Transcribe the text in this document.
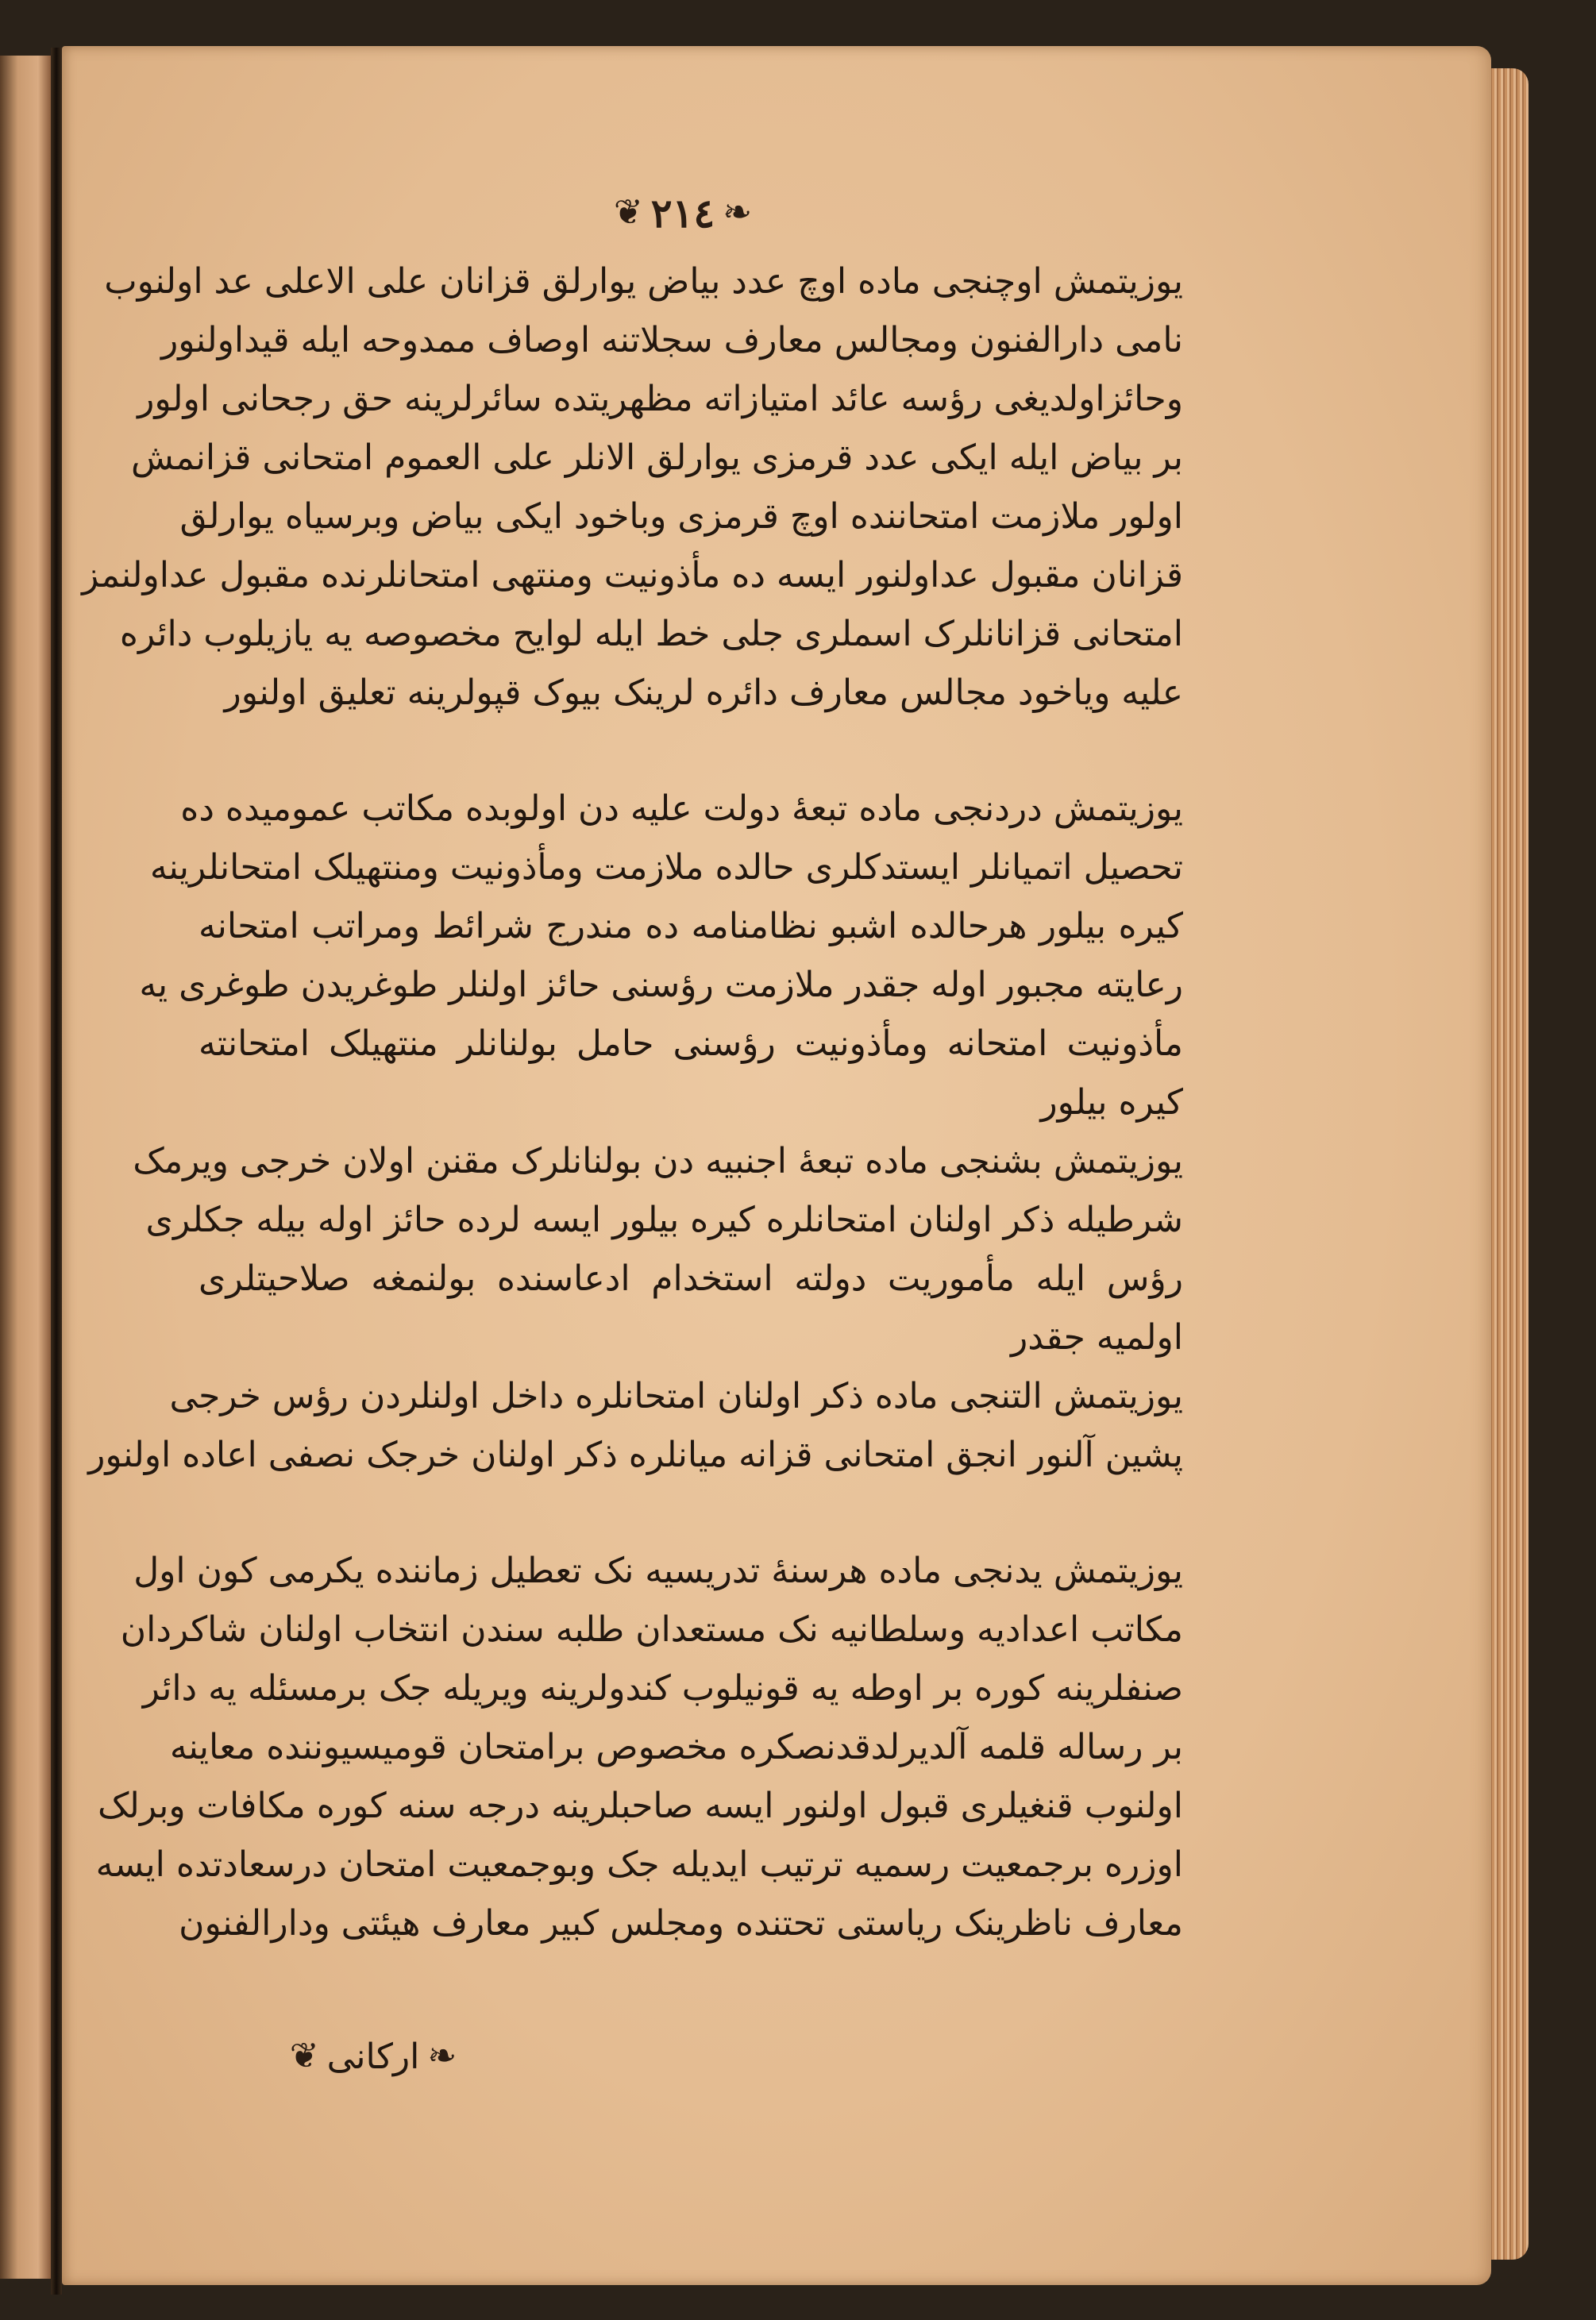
❦ ٢١٤ ❧
یوزیتمش اوچنجی ماده اوچ عدد بیاض یوارلق قزانان علی الاعلی عد اولنوب
نامی دارالفنون ومجالس معارف سجلاتنه اوصاف ممدوحه ایله قیداولنور
وحائزاولدیغی رؤسه عائد امتیازاته مظهریتده سائرلرینه حق رجحانی اولور
بر بیاض ایله ایکی عدد قرمزی یوارلق الانلر علی العموم امتحانی قزانمش
اولور ملازمت امتحاننده اوچ قرمزی وباخود ایکی بیاض وبرسیاه یوارلق
قزانان مقبول عداولنور ایسه ده مأذونیت ومنتهی امتحانلرنده مقبول عداولنمز
امتحانی قزانانلرک اسملری جلی خط ایله لوایح مخصوصه یه یازیلوب دائره
علیه وياخود مجالس معارف دائره لرینک بیوک قپولرینه تعلیق اولنور
یوزیتمش دردنجی ماده تبعهٔ دولت علیه دن اولوبده مکاتب عمومیده ده
تحصیل اتمیانلر ایستدکلری حالده ملازمت ومأذونیت ومنتهیلک امتحانلرینه
کیره بیلور هرحالده اشبو نظامنامه ده مندرج شرائط ومراتب امتحانه
رعایته مجبور اوله جقدر ملازمت رؤسنی حائز اولنلر طوغریدن طوغری یه
مأذونیت امتحانه ومأذونیت رؤسنی حامل بولنانلر منتهیلک امتحانته
کیره بیلور
یوزیتمش بشنجی ماده تبعهٔ اجنبیه دن بولنانلرک مقنن اولان خرجی ویرمک
شرطیله ذکر اولنان امتحانلره کیره بیلور ایسه لرده حائز اوله بیله جکلری
رؤس ایله مأموریت دولته استخدام ادعاسنده بولنمغه صلاحیتلری
اولمیه جقدر
یوزیتمش التنجی ماده ذکر اولنان امتحانلره داخل اولنلردن رؤس خرجی
پشین آلنور انجق امتحانی قزانه میانلره ذکر اولنان خرجک نصفی اعاده اولنور
یوزیتمش یدنجی ماده هرسنهٔ تدریسیه نک تعطیل زماننده یکرمی کون اول
مکاتب اعدادیه وسلطانیه نک مستعدان طلبه سندن انتخاب اولنان شاکردان
صنفلرینه کوره بر اوطه یه قونیلوب کندولرینه ویریله جک برمسئله یه دائر
بر رساله قلمه آلدیرلدقدنصکره مخصوص برامتحان قومیسیوننده معاینه
اولنوب قنغیلری قبول اولنور ایسه صاحبلرینه درجه سنه کوره مکافات وبرلک
اوزره برجمعیت رسمیه ترتیب ایدیله جک وبوجمعیت امتحان درسعادتده ایسه
معارف ناظرینک ریاستی تحتنده ومجلس کبیر معارف هیئتی ودارالفنون
❧
ارکانی
❦
